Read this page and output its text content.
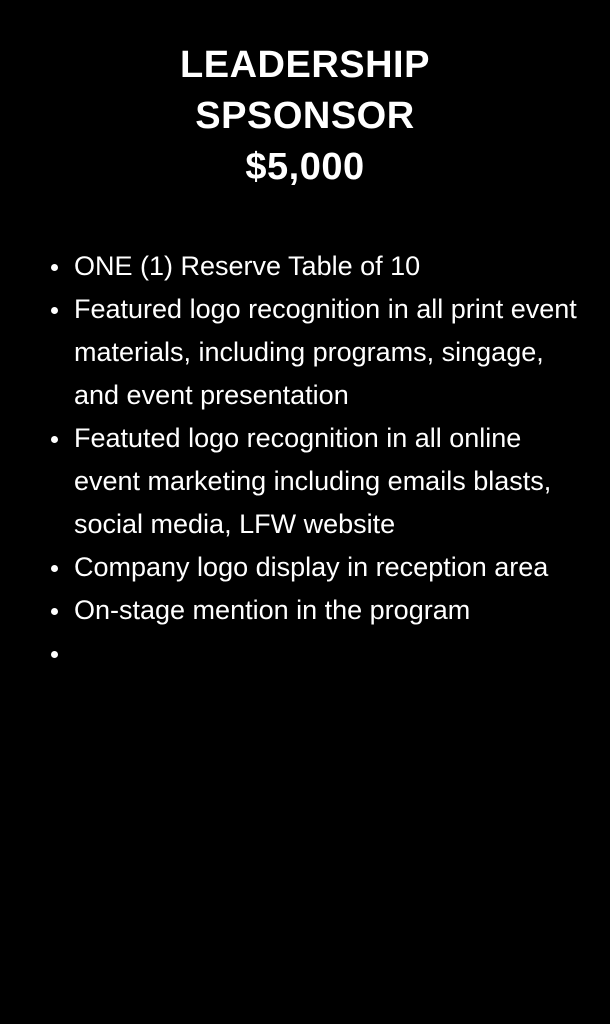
LEADERSHIP
SPSONSOR
$5,000
ONE (1) Reserve Table of 10
Featured logo recognition in all print event materials, including programs, singage, and event presentation
Featuted logo recognition in all online event marketing including emails blasts, social media, LFW website
Company logo display in reception area
On-stage mention in the program
